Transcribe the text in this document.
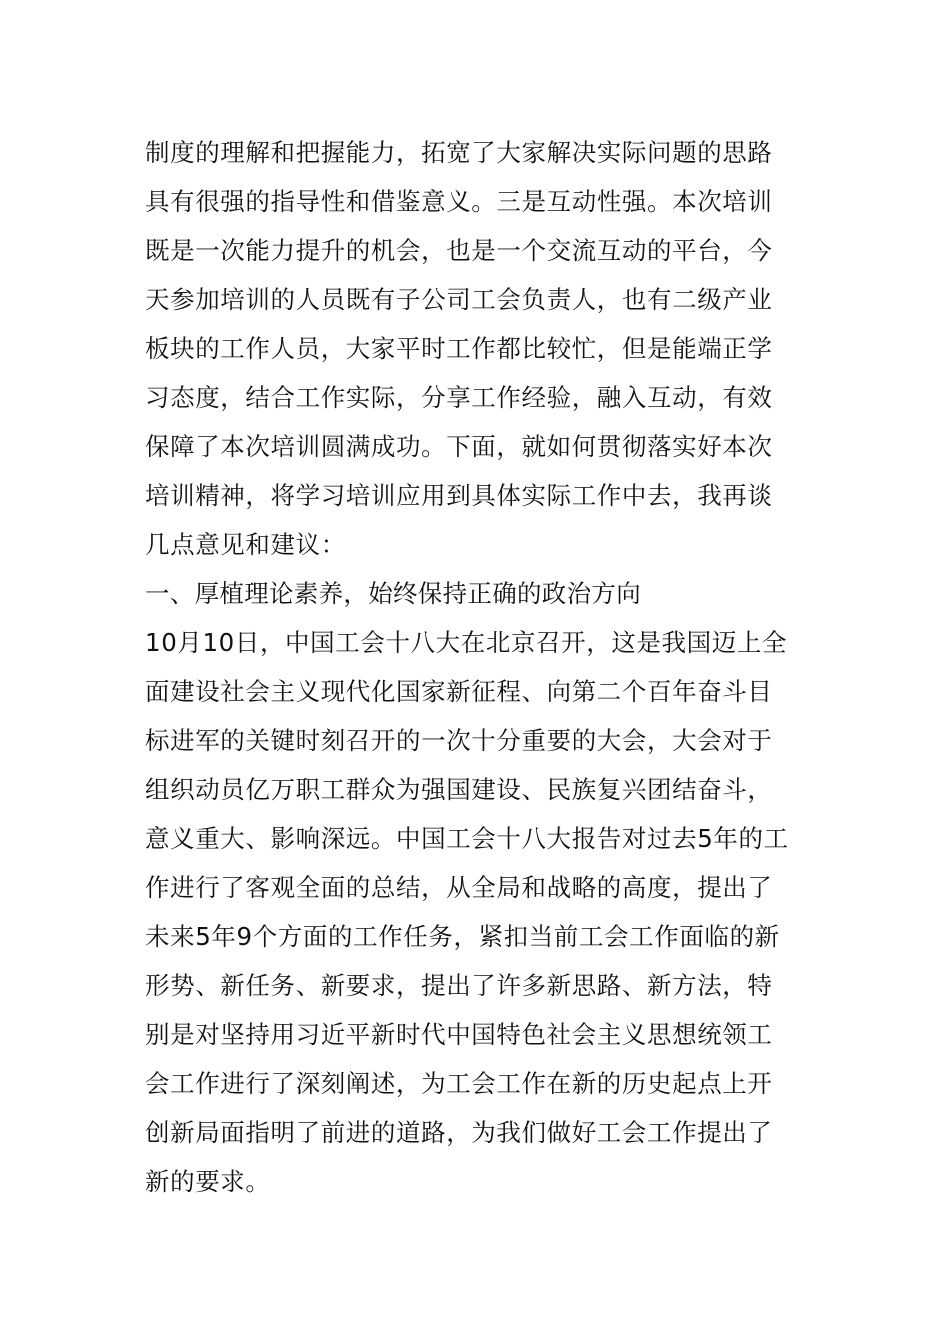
制度的理解和把握能力，拓宽了大家解决实际问题的思路
具有很强的指导性和借鉴意义。三是互动性强。本次培训
既是一次能力提升的机会，也是一个交流互动的平台，今
天参加培训的人员既有子公司工会负责人，也有二级产业
板块的工作人员，大家平时工作都比较忙，但是能端正学
习态度，结合工作实际，分享工作经验，融入互动，有效
保障了本次培训圆满成功。下面，就如何贯彻落实好本次
培训精神，将学习培训应用到具体实际工作中去，我再谈
几点意见和建议：
一、厚植理论素养，始终保持正确的政治方向
10月10日，中国工会十八大在北京召开，这是我国迈上全
面建设社会主义现代化国家新征程、向第二个百年奋斗目
标进军的关键时刻召开的一次十分重要的大会，大会对于
组织动员亿万职工群众为强国建设、民族复兴团结奋斗，
意义重大、影响深远。中国工会十八大报告对过去5年的工
作进行了客观全面的总结，从全局和战略的高度，提出了
未来5年9个方面的工作任务，紧扣当前工会工作面临的新
形势、新任务、新要求，提出了许多新思路、新方法，特
别是对坚持用习近平新时代中国特色社会主义思想统领工
会工作进行了深刻阐述，为工会工作在新的历史起点上开
创新局面指明了前进的道路，为我们做好工会工作提出了
新的要求。
